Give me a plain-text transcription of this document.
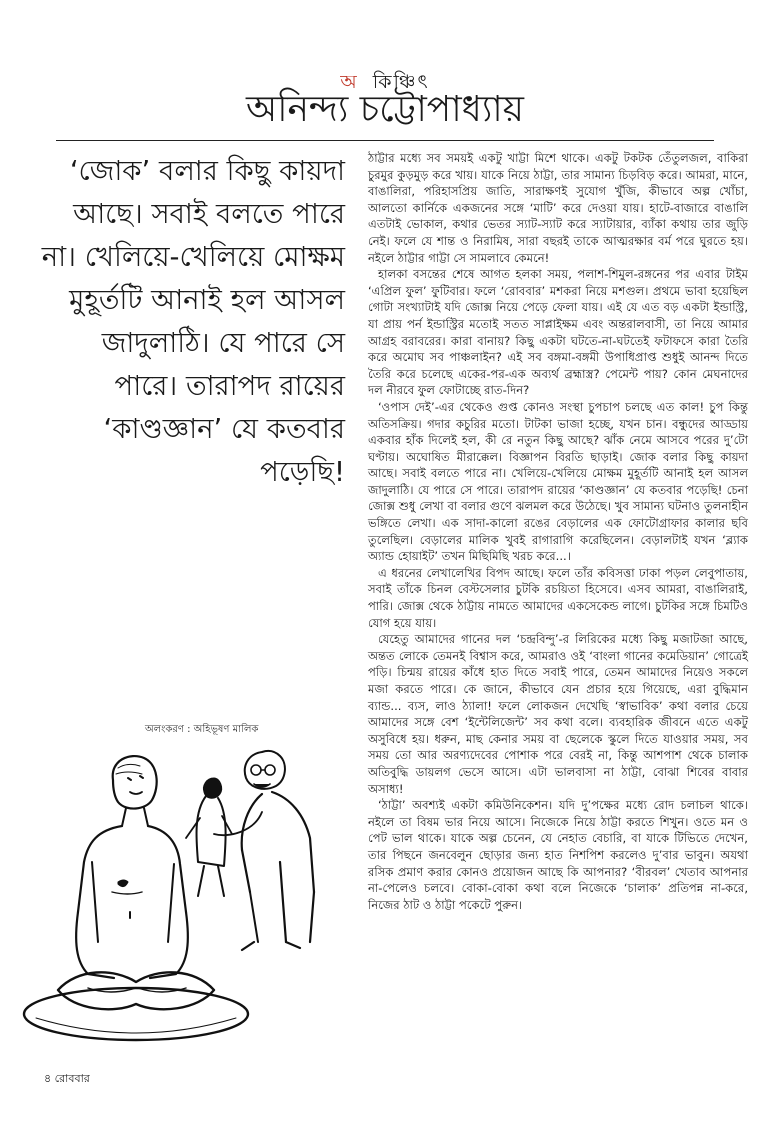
অ কিঞ্চিৎ
অনিন্দ্য চট্টোপাধ্যায়
‘জোক’ বলার কিছু কায়দা আছে। সবাই বলতে পারে না। খেলিয়ে-খেলিয়ে মোক্ষম মুহূর্তটি আনাই হল আসল জাদুলাঠি। যে পারে সে পারে। তারাপদ রায়ের ‘কাণ্ডজ্ঞান’ যে কতবার পড়েছি!
অলংকরণ : অহিভূষণ মালিক

ঠাট্টার মধ্যে সব সময়ই একটু খাট্টা মিশে থাকে। একটু টকটক তেঁতুলজল, বাকিরা চুরমুর কুড়মুড় করে খায়। যাকে নিয়ে ঠাট্টা, তার সামান্য চিড়বিড় করে। আমরা, মানে, বাঙালিরা, পরিহাসপ্রিয় জাতি, সারাক্ষণই সুযোগ খুঁজি, কীভাবে অল্প খোঁচা, আলতো কার্নিকে একজনের সঙ্গে ‘মাটি’ করে দেওয়া যায়। হাটে-বাজারে বাঙালি এতটাই ভোকাল, কথার ভেতর স্যাট-স্যাট করে স্যাটায়ার, ব্যাঁকা কথায় তার জুড়ি নেই। ফলে যে শান্ত ও নিরামিষ, সারা বছরই তাকে আত্মরক্ষার বর্ম পরে ঘুরতে হয়। নইলে ঠাট্টার গাট্টা সে সামলাবে কেমনে!

হালকা বসন্তের শেষে আগত হলকা সময়, পলাশ-শিমুল-রঙ্গনের পর এবার টাইম ‘এপ্রিল ফুল’ ফুটিবার। ফলে ‘রোববার’ মশকরা নিয়ে মশগুল। প্রথমে ভাবা হয়েছিল গোটা সংখ্যাটাই যদি জোক্স নিয়ে পেড়ে ফেলা যায়। এই যে এত বড় একটা ইন্ডাস্ট্রি, যা প্রায় পর্ন ইন্ডাস্ট্রির মতোই সতত সাপ্লাইক্ষম এবং অন্তরালবাসী, তা নিয়ে আমার আগ্রহ বরাবরের। কারা বানায়? কিছু একটা ঘটতে-না-ঘটতেই ফটাফসে কারা তৈরি করে অমোঘ সব পাঞ্চলাইন? এই সব বঙ্গমা-বঙ্গমী উপাধিপ্রাপ্ত শুধুই আনন্দ দিতে তৈরি করে চলেছে একের-পর-এক অব্যর্থ ব্রহ্মাস্ত্র? পেমেন্ট পায়? কোন মেঘনাদের দল নীরবে ফুল ফোটাচ্ছে রাত-দিন?

‘ওপাস দেই’-এর থেকেও গুপ্ত কোনও সংস্থা চুপচাপ চলছে এত কাল! চুপ কিন্তু অতিসক্রিয়। গদার কচুরির মতো। টাটকা ভাজা হচ্ছে, যখন চান। বন্ধুদের আড্ডায় একবার হাঁক দিলেই হল, কী রে নতুন কিছু আছে? ঝাঁক নেমে আসবে পরের দু’টো ঘণ্টায়। অঘোষিত মীরাক্কেল। বিজ্ঞাপন বিরতি ছাড়াই। জোক বলার কিছু কায়দা আছে। সবাই বলতে পারে না। খেলিয়ে-খেলিয়ে মোক্ষম মুহূর্তটি আনাই হল আসল জাদুলাঠি। যে পারে সে পারে। তারাপদ রায়ের ‘কাণ্ডজ্ঞান’ যে কতবার পড়েছি! চেনা জোক্স শুধু লেখা বা বলার গুণে ঝলমল করে উঠেছে। খুব সামান্য ঘটনাও তুলনাহীন ভঙ্গিতে লেখা। এক সাদা-কালো রঙের বেড়ালের এক ফোটোগ্রাফার কালার ছবি তুলেছিল। বেড়ালের মালিক খুবই রাগারাগি করেছিলেন। বেড়ালটাই যখন ‘ব্ল্যাক অ্যান্ড হোয়াইট’ তখন মিছিমিছি খরচ করে...।

এ ধরনের লেখালেখির বিপদ আছে। ফলে তাঁর কবিসত্তা ঢাকা পড়ল লেবুপাতায়, সবাই তাঁকে চিনল বেস্টসেলার চুটকি রচয়িতা হিসেবে। এসব আমরা, বাঙালিরাই, পারি। জোক্স থেকে ঠাট্টায় নামতে আমাদের একসেকেন্ড লাগে। চুটকির সঙ্গে চিমটিও যোগ হয়ে যায়।

যেহেতু আমাদের গানের দল ‘চন্দ্রবিন্দু’-র লিরিকের মধ্যে কিছু মজাটজা আছে, অন্তত লোকে তেমনই বিশ্বাস করে, আমরাও ওই ‘বাংলা গানের কমেডিয়ান’ গোত্রেই পড়ি। চিন্ময় রায়ের কাঁধে হাত দিতে সবাই পারে, তেমন আমাদের নিয়েও সকলে মজা করতে পারে। কে জানে, কীভাবে যেন প্রচার হয়ে গিয়েছে, এরা বুদ্ধিমান ব্যান্ড... ব্যস, লাও ঠ্যালা! ফলে লোকজন দেখেছি ‘স্বাভাবিক’ কথা বলার চেয়ে আমাদের সঙ্গে বেশ ‘ইন্টেলিজেন্ট’ সব কথা বলে। ব্যবহারিক জীবনে এতে একটু অসুবিধে হয়। ধরুন, মাছ কেনার সময় বা ছেলেকে স্কুলে দিতে যাওয়ার সময়, সব সময় তো আর অরণ্যদেবের পোশাক পরে বেরই না, কিন্তু আশপাশ থেকে চালাক অতিবুদ্ধি ডায়লগ ভেসে আসে। এটা ভালবাসা না ঠাট্টা, বোঝা শিবের বাবার অসাধ্য!

‘ঠাট্টা’ অবশ্যই একটা কমিউনিকেশন। যদি দু’পক্ষের মধ্যে রোদ চলাচল থাকে। নইলে তা বিষম ভার নিয়ে আসে। নিজেকে নিয়ে ঠাট্টা করতে শিখুন। ওতে মন ও পেট ভাল থাকে। যাকে অল্প চেনেন, যে নেহাত বেচারি, বা যাকে টিভিতে দেখেন, তার পিছনে জনবেলুন ছোড়ার জন্য হাত নিশপিশ করলেও দু’বার ভাবুন। অযথা রসিক প্রমাণ করার কোনও প্রয়োজন আছে কি আপনার? ‘বীরবল’ খেতাব আপনার না-পেলেও চলবে। বোকা-বোকা কথা বলে নিজেকে ‘চালাক’ প্রতিপন্ন না-করে, নিজের ঠাট ও ঠাট্টা পকেটে পুরুন।

৪ রোববার
